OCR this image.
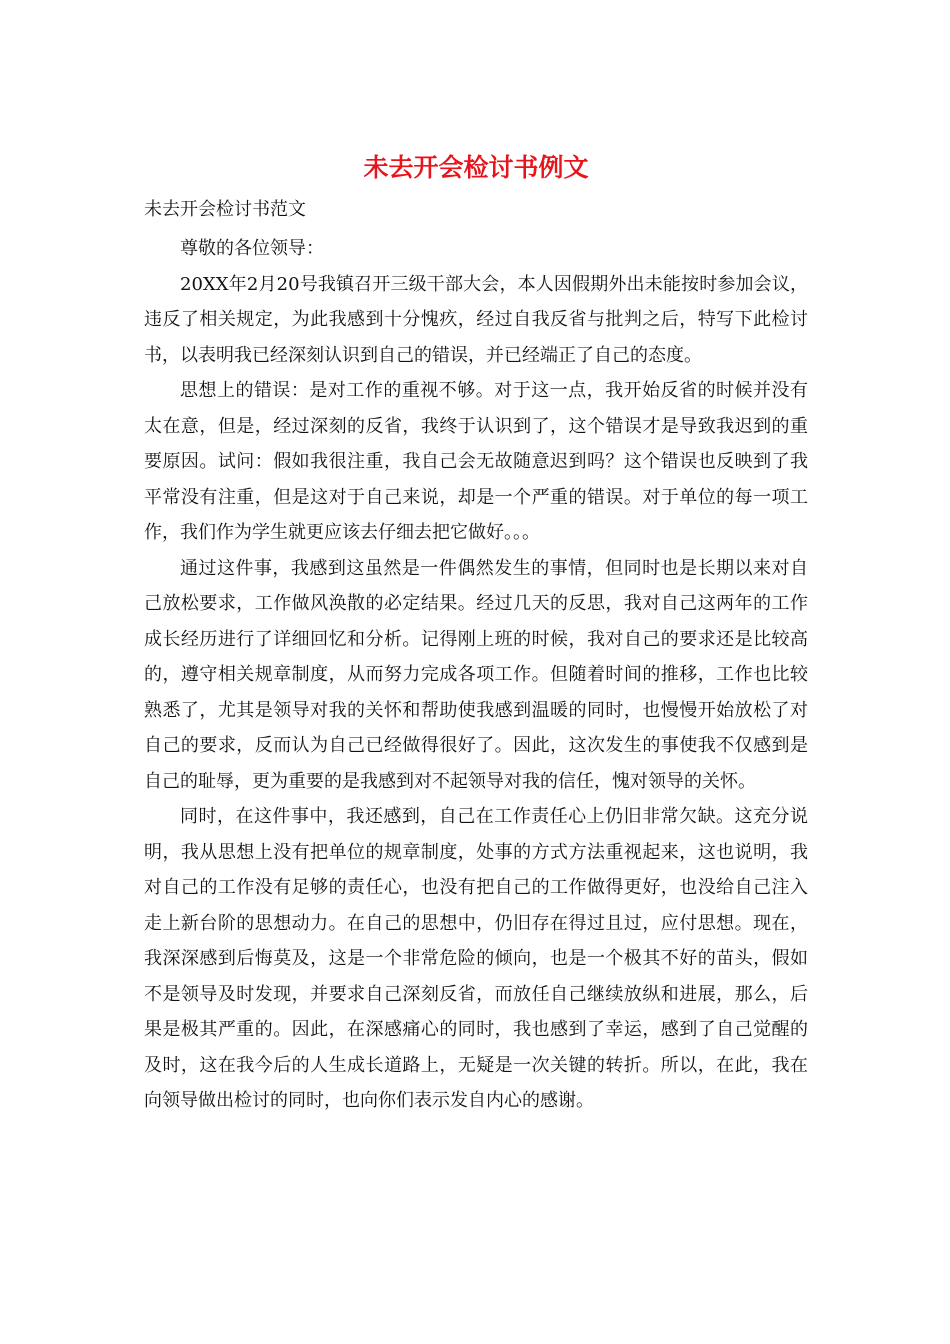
未去开会检讨书例文

未去开会检讨书范文

尊敬的各位领导：

20XX年2月20号我镇召开三级干部大会，本人因假期外出未能按时参加会议，违反了相关规定，为此我感到十分愧疚，经过自我反省与批判之后，特写下此检讨书，以表明我已经深刻认识到自己的错误，并已经端正了自己的态度。

思想上的错误：是对工作的重视不够。对于这一点，我开始反省的时候并没有太在意，但是，经过深刻的反省，我终于认识到了，这个错误才是导致我迟到的重要原因。试问：假如我很注重，我自己会无故随意迟到吗？这个错误也反映到了我平常没有注重，但是这对于自己来说，却是一个严重的错误。对于单位的每一项工作，我们作为学生就更应该去仔细去把它做好。。。

通过这件事，我感到这虽然是一件偶然发生的事情，但同时也是长期以来对自己放松要求，工作做风涣散的必定结果。经过几天的反思，我对自己这两年的工作成长经历进行了详细回忆和分析。记得刚上班的时候，我对自己的要求还是比较高的，遵守相关规章制度，从而努力完成各项工作。但随着时间的推移，工作也比较熟悉了，尤其是领导对我的关怀和帮助使我感到温暖的同时，也慢慢开始放松了对自己的要求，反而认为自己已经做得很好了。因此，这次发生的事使我不仅感到是自己的耻辱，更为重要的是我感到对不起领导对我的信任，愧对领导的关怀。

同时，在这件事中，我还感到，自己在工作责任心上仍旧非常欠缺。这充分说明，我从思想上没有把单位的规章制度，处事的方式方法重视起来，这也说明，我对自己的工作没有足够的责任心，也没有把自己的工作做得更好，也没给自己注入走上新台阶的思想动力。在自己的思想中，仍旧存在得过且过，应付思想。现在，我深深感到后悔莫及，这是一个非常危险的倾向，也是一个极其不好的苗头，假如不是领导及时发现，并要求自己深刻反省，而放任自己继续放纵和进展，那么，后果是极其严重的。因此，在深感痛心的同时，我也感到了幸运，感到了自己觉醒的及时，这在我今后的人生成长道路上，无疑是一次关键的转折。所以，在此，我在向领导做出检讨的同时，也向你们表示发自内心的感谢。
